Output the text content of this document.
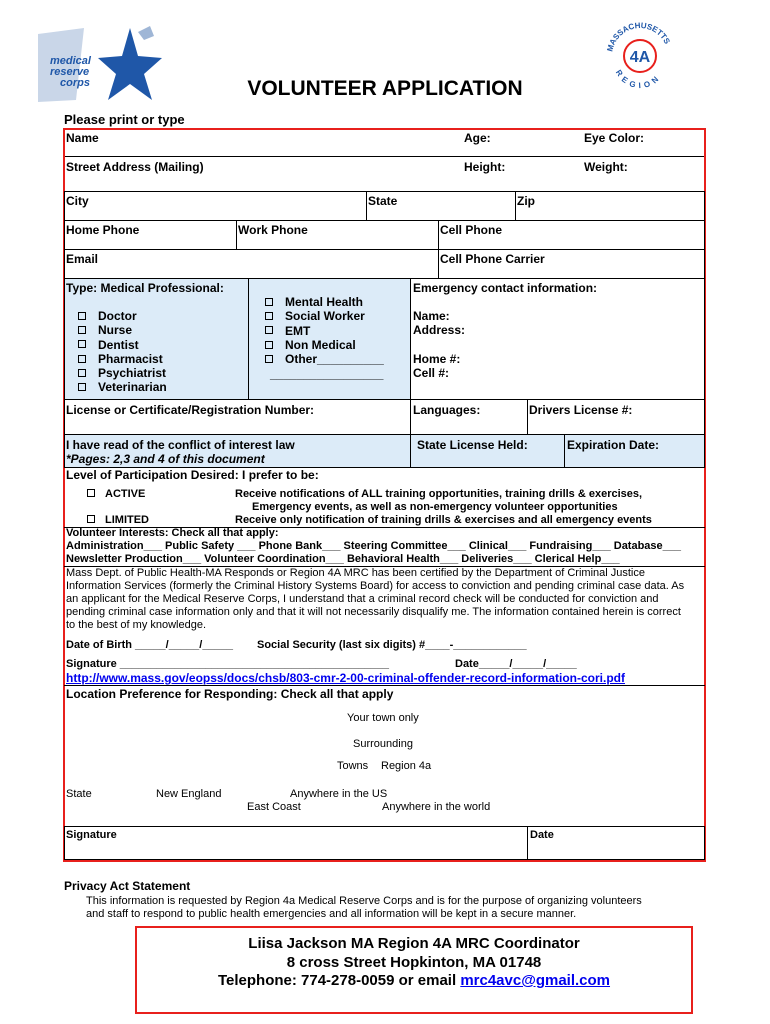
medical
reserve
corps
MASSACHUSETTS
4A
REGION
VOLUNTEER APPLICATION
Please print or type
Name	Age:	Eye Color:
Street Address (Mailing)	Height:	Weight:
City	State	Zip
Home Phone	Work Phone	Cell Phone
Email	Cell Phone Carrier
Type: Medical Professional:
Doctor
Nurse
Dentist
Pharmacist
Psychiatrist
Veterinarian
Mental Health
Social Worker
EMT
Non Medical
Other__________
_________________
Emergency contact information:
Name:
Address:
Home #:
Cell #:
License or Certificate/Registration Number:	Languages:	Drivers License #:
I have read of the conflict of interest law
*Pages: 2,3 and 4 of this document
State License Held:	Expiration Date:
Level of Participation Desired: I prefer to be:
ACTIVE	Receive notifications of ALL training opportunities, training drills & exercises,
Emergency events, as well as non-emergency volunteer opportunities
LIMITED	Receive only notification of training drills & exercises and all emergency events
Volunteer Interests: Check all that apply:
Administration___ Public Safety ___ Phone Bank___ Steering Committee___ Clinical___ Fundraising___ Database___
Newsletter Production___ Volunteer Coordination___ Behavioral Health___ Deliveries___ Clerical Help___
Mass Dept. of Public Health-MA Responds or Region 4A MRC has been certified by the Department of Criminal Justice
Information Services (formerly the Criminal History Systems Board) for access to conviction and pending criminal case data. As
an applicant for the Medical Reserve Corps, I understand that a criminal record check will be conducted for conviction and
pending criminal case information only and that it will not necessarily disqualify me. The information contained herein is correct
to the best of my knowledge.
Date of Birth _____/_____/_____ Social Security (last six digits) #____-____________
Signature ____________________________________________	Date_____/_____/_____
http://www.mass.gov/eopss/docs/chsb/803-cmr-2-00-criminal-offender-record-information-cori.pdf
Location Preference for Responding: Check all that apply
Your town only
Surrounding
Towns Region 4a
State	New England	Anywhere in the US
East Coast	Anywhere in the world
Signature	Date
Privacy Act Statement
This information is requested by Region 4a Medical Reserve Corps and is for the purpose of organizing volunteers
and staff to respond to public health emergencies and all information will be kept in a secure manner.
Liisa Jackson MA Region 4A MRC Coordinator
8 cross Street Hopkinton, MA 01748
Telephone: 774-278-0059 or email mrc4avc@gmail.com
